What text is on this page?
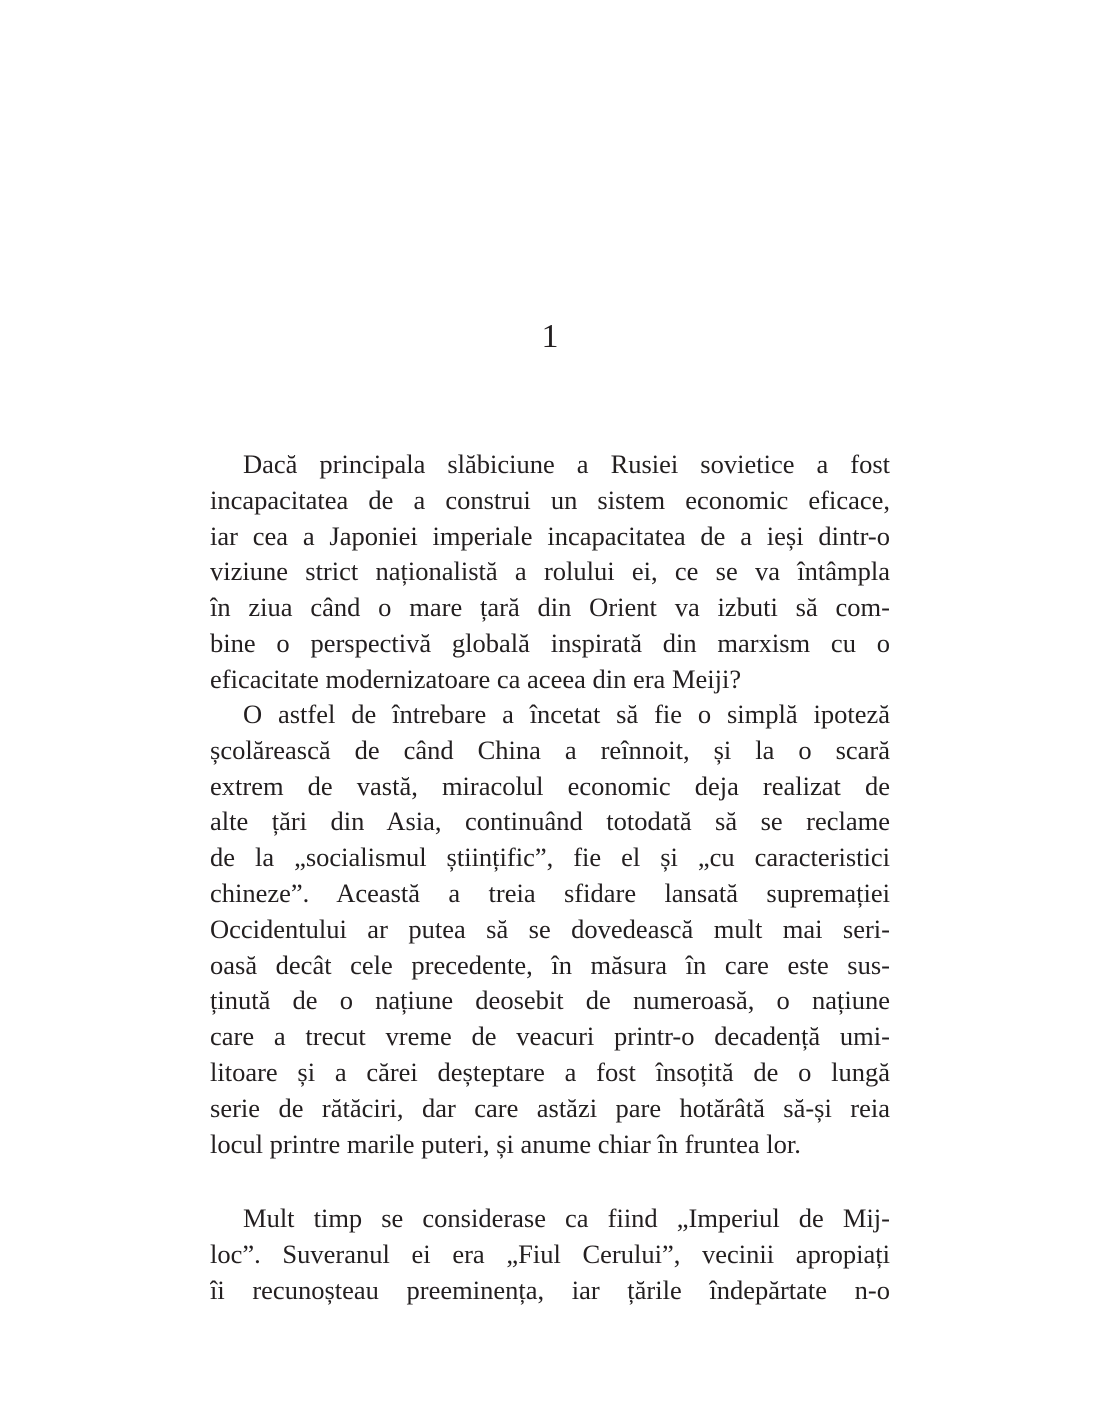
1
Dacă principala slăbiciune a Rusiei sovietice a fost
incapacitatea de a construi un sistem economic eficace,
iar cea a Japoniei imperiale incapacitatea de a ieși dintr-o
viziune strict naționalistă a rolului ei, ce se va întâmpla
în ziua când o mare țară din Orient va izbuti să com-
bine o perspectivă globală inspirată din marxism cu o
eficacitate modernizatoare ca aceea din era Meiji?
O astfel de întrebare a încetat să fie o simplă ipoteză
școlărească de când China a reînnoit, și la o scară
extrem de vastă, miracolul economic deja realizat de
alte țări din Asia, continuând totodată să se reclame
de la „socialismul științific”, fie el și „cu caracteristici
chineze”. Această a treia sfidare lansată supremației
Occidentului ar putea să se dovedească mult mai seri-
oasă decât cele precedente, în măsura în care este sus-
ținută de o națiune deosebit de numeroasă, o națiune
care a trecut vreme de veacuri printr-o decadență umi-
litoare și a cărei deșteptare a fost însoțită de o lungă
serie de rătăciri, dar care astăzi pare hotărâtă să-și reia
locul printre marile puteri, și anume chiar în fruntea lor.
Mult timp se considerase ca fiind „Imperiul de Mij-
loc”. Suveranul ei era „Fiul Cerului”, vecinii apropiați
îi recunoșteau preeminența, iar țările îndepărtate n-o
